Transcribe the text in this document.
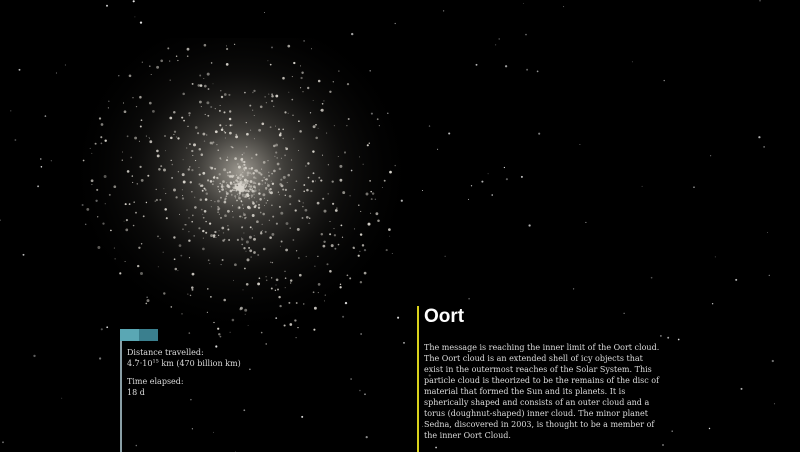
Distance travelled:
$4.7\cdot 10^{15}$ km (470 billion km)
Time elapsed:
18 d
Oort

The message is reaching the inner limit of the Oort cloud. The Oort cloud is an extended shell of icy objects that exist in the outermost reaches of the Solar System. This particle cloud is theorized to be the remains of the disc of material that formed the Sun and its planets. It is spherically shaped and consists of an outer cloud and a torus (doughnut-shaped) inner cloud. The minor planet Sedna, discovered in 2003, is thought to be a member of the inner Oort Cloud.
